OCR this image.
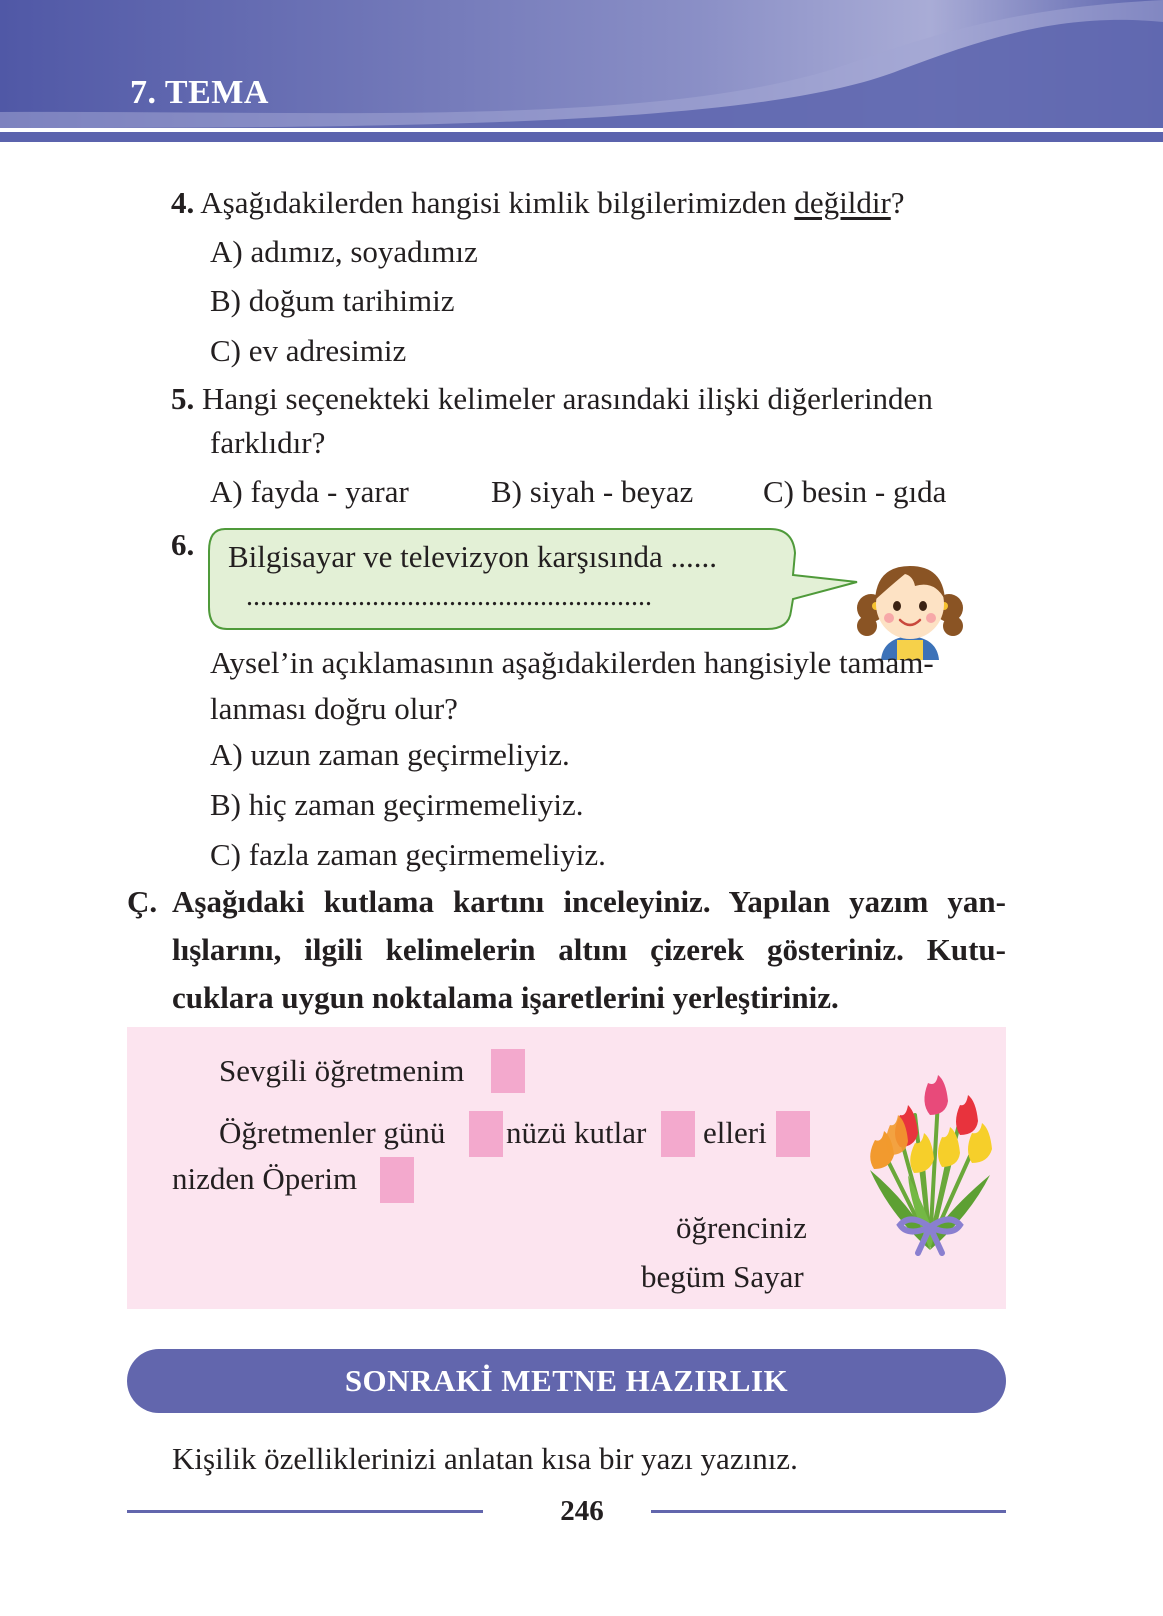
7. TEMA
4. Aşağıdakilerden hangisi kimlik bilgilerimizden değildir?
A) adımız, soyadımız
B) doğum tarihimiz
C) ev adresimiz
5. Hangi seçenekteki kelimeler arasındaki ilişki diğerlerinden
farklıdır?
A) fayda - yarar	B) siyah - beyaz C) besin - gıda
6. Bilgisayar ve televizyon karşısında ......
..........................................................
Aysel’in açıklamasının aşağıdakilerden hangisiyle tamam-
lanması doğru olur?
A) uzun zaman geçirmeliyiz.
B) hiç zaman geçirmemeliyiz.
C) fazla zaman geçirmemeliyiz.
Ç. Aşağıdaki kutlama kartını inceleyiniz. Yapılan yazım yan-
lışlarını, ilgili kelimelerin altını çizerek gösteriniz. Kutu-
cuklara uygun noktalama işaretlerini yerleştiriniz.
Sevgili öğretmenim
Öğretmenler günü nüzü kutlar elleri
nizden Öperim
öğrenciniz
begüm Sayar
SONRAKİ METNE HAZIRLIK
Kişilik özelliklerinizi anlatan kısa bir yazı yazınız.
246
